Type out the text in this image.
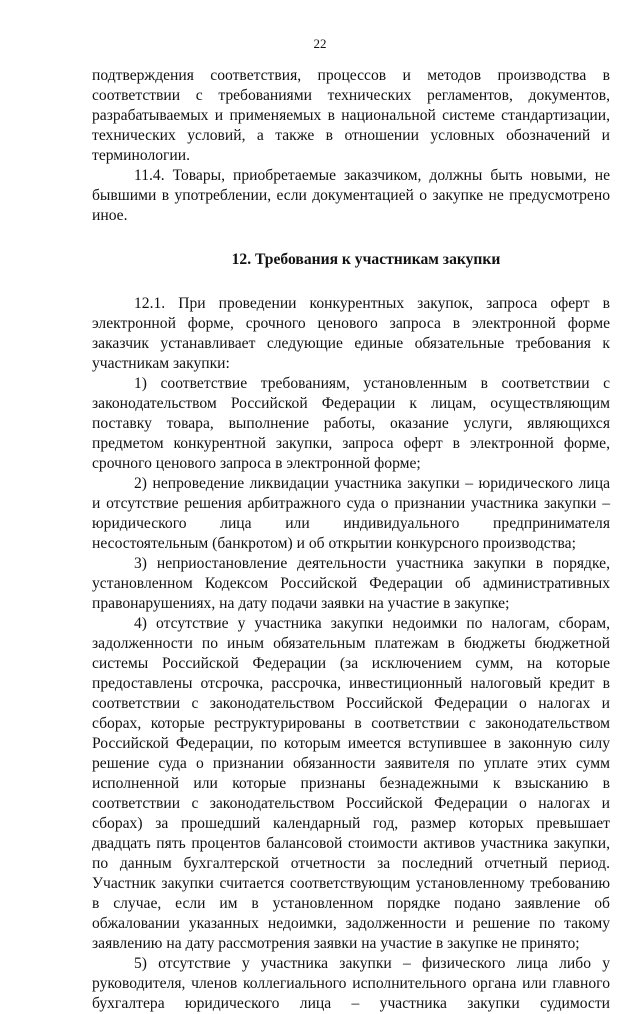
22

подтверждения соответствия, процессов и методов производства в соответствии с требованиями технических регламентов, документов, разрабатываемых и применяемых в национальной системе стандартизации, технических условий, а также в отношении условных обозначений и терминологии.

11.4. Товары, приобретаемые заказчиком, должны быть новыми, не бывшими в употреблении, если документацией о закупке не предусмотрено иное.

12. Требования к участникам закупки

12.1. При проведении конкурентных закупок, запроса оферт в электронной форме, срочного ценового запроса в электронной форме заказчик устанавливает следующие единые обязательные требования к участникам закупки:

1) соответствие требованиям, установленным в соответствии с законодательством Российской Федерации к лицам, осуществляющим поставку товара, выполнение работы, оказание услуги, являющихся предметом конкурентной закупки, запроса оферт в электронной форме, срочного ценового запроса в электронной форме;

2) непроведение ликвидации участника закупки – юридического лица и отсутствие решения арбитражного суда о признании участника закупки – юридического лица или индивидуального предпринимателя несостоятельным (банкротом) и об открытии конкурсного производства;

3) неприостановление деятельности участника закупки в порядке, установленном Кодексом Российской Федерации об административных правонарушениях, на дату подачи заявки на участие в закупке;

4) отсутствие у участника закупки недоимки по налогам, сборам, задолженности по иным обязательным платежам в бюджеты бюджетной системы Российской Федерации (за исключением сумм, на которые предоставлены отсрочка, рассрочка, инвестиционный налоговый кредит в соответствии с законодательством Российской Федерации о налогах и сборах, которые реструктурированы в соответствии с законодательством Российской Федерации, по которым имеется вступившее в законную силу решение суда о признании обязанности заявителя по уплате этих сумм исполненной или которые признаны безнадежными к взысканию в соответствии с законодательством Российской Федерации о налогах и сборах) за прошедший календарный год, размер которых превышает двадцать пять процентов балансовой стоимости активов участника закупки, по данным бухгалтерской отчетности за последний отчетный период. Участник закупки считается соответствующим установленному требованию в случае, если им в установленном порядке подано заявление об обжаловании указанных недоимки, задолженности и решение по такому заявлению на дату рассмотрения заявки на участие в закупке не принято;

5) отсутствие у участника закупки – физического лица либо у руководителя, членов коллегиального исполнительного органа или главного бухгалтера юридического лица – участника закупки судимости
